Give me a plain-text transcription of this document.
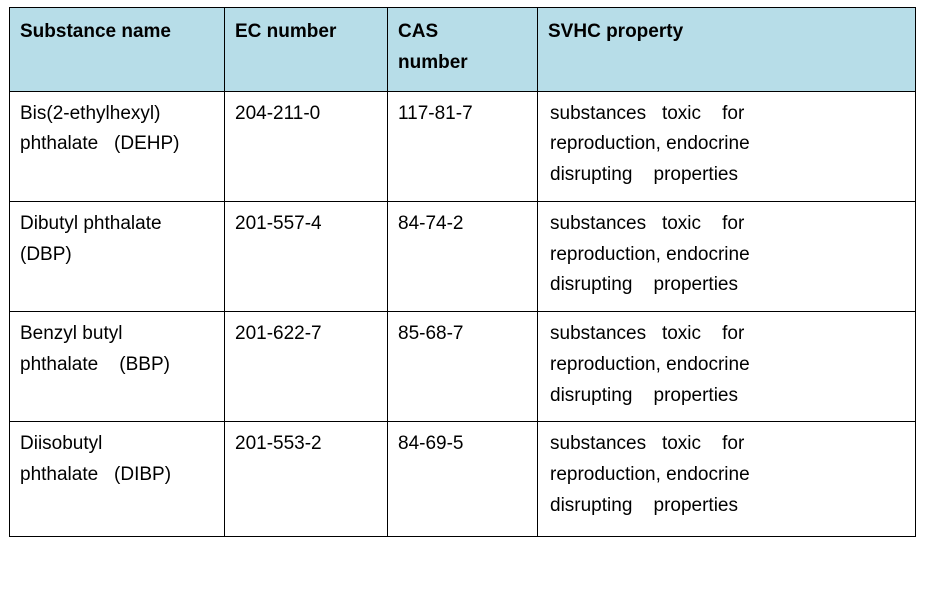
Substance name	EC number	CAS
number	SVHC property

Bis(2-ethylhexyl)
phthalate   (DEHP)	204-211-0	117-81-7	substances   toxic    for
reproduction, endocrine
disrupting    properties

Dibutyl phthalate
(DBP)	201-557-4	84-74-2	substances   toxic    for
reproduction, endocrine
disrupting    properties

Benzyl butyl
phthalate    (BBP)	201-622-7	85-68-7	substances   toxic    for
reproduction, endocrine
disrupting    properties

Diisobutyl
phthalate   (DIBP)	201-553-2	84-69-5	substances   toxic    for
reproduction, endocrine
disrupting    properties
